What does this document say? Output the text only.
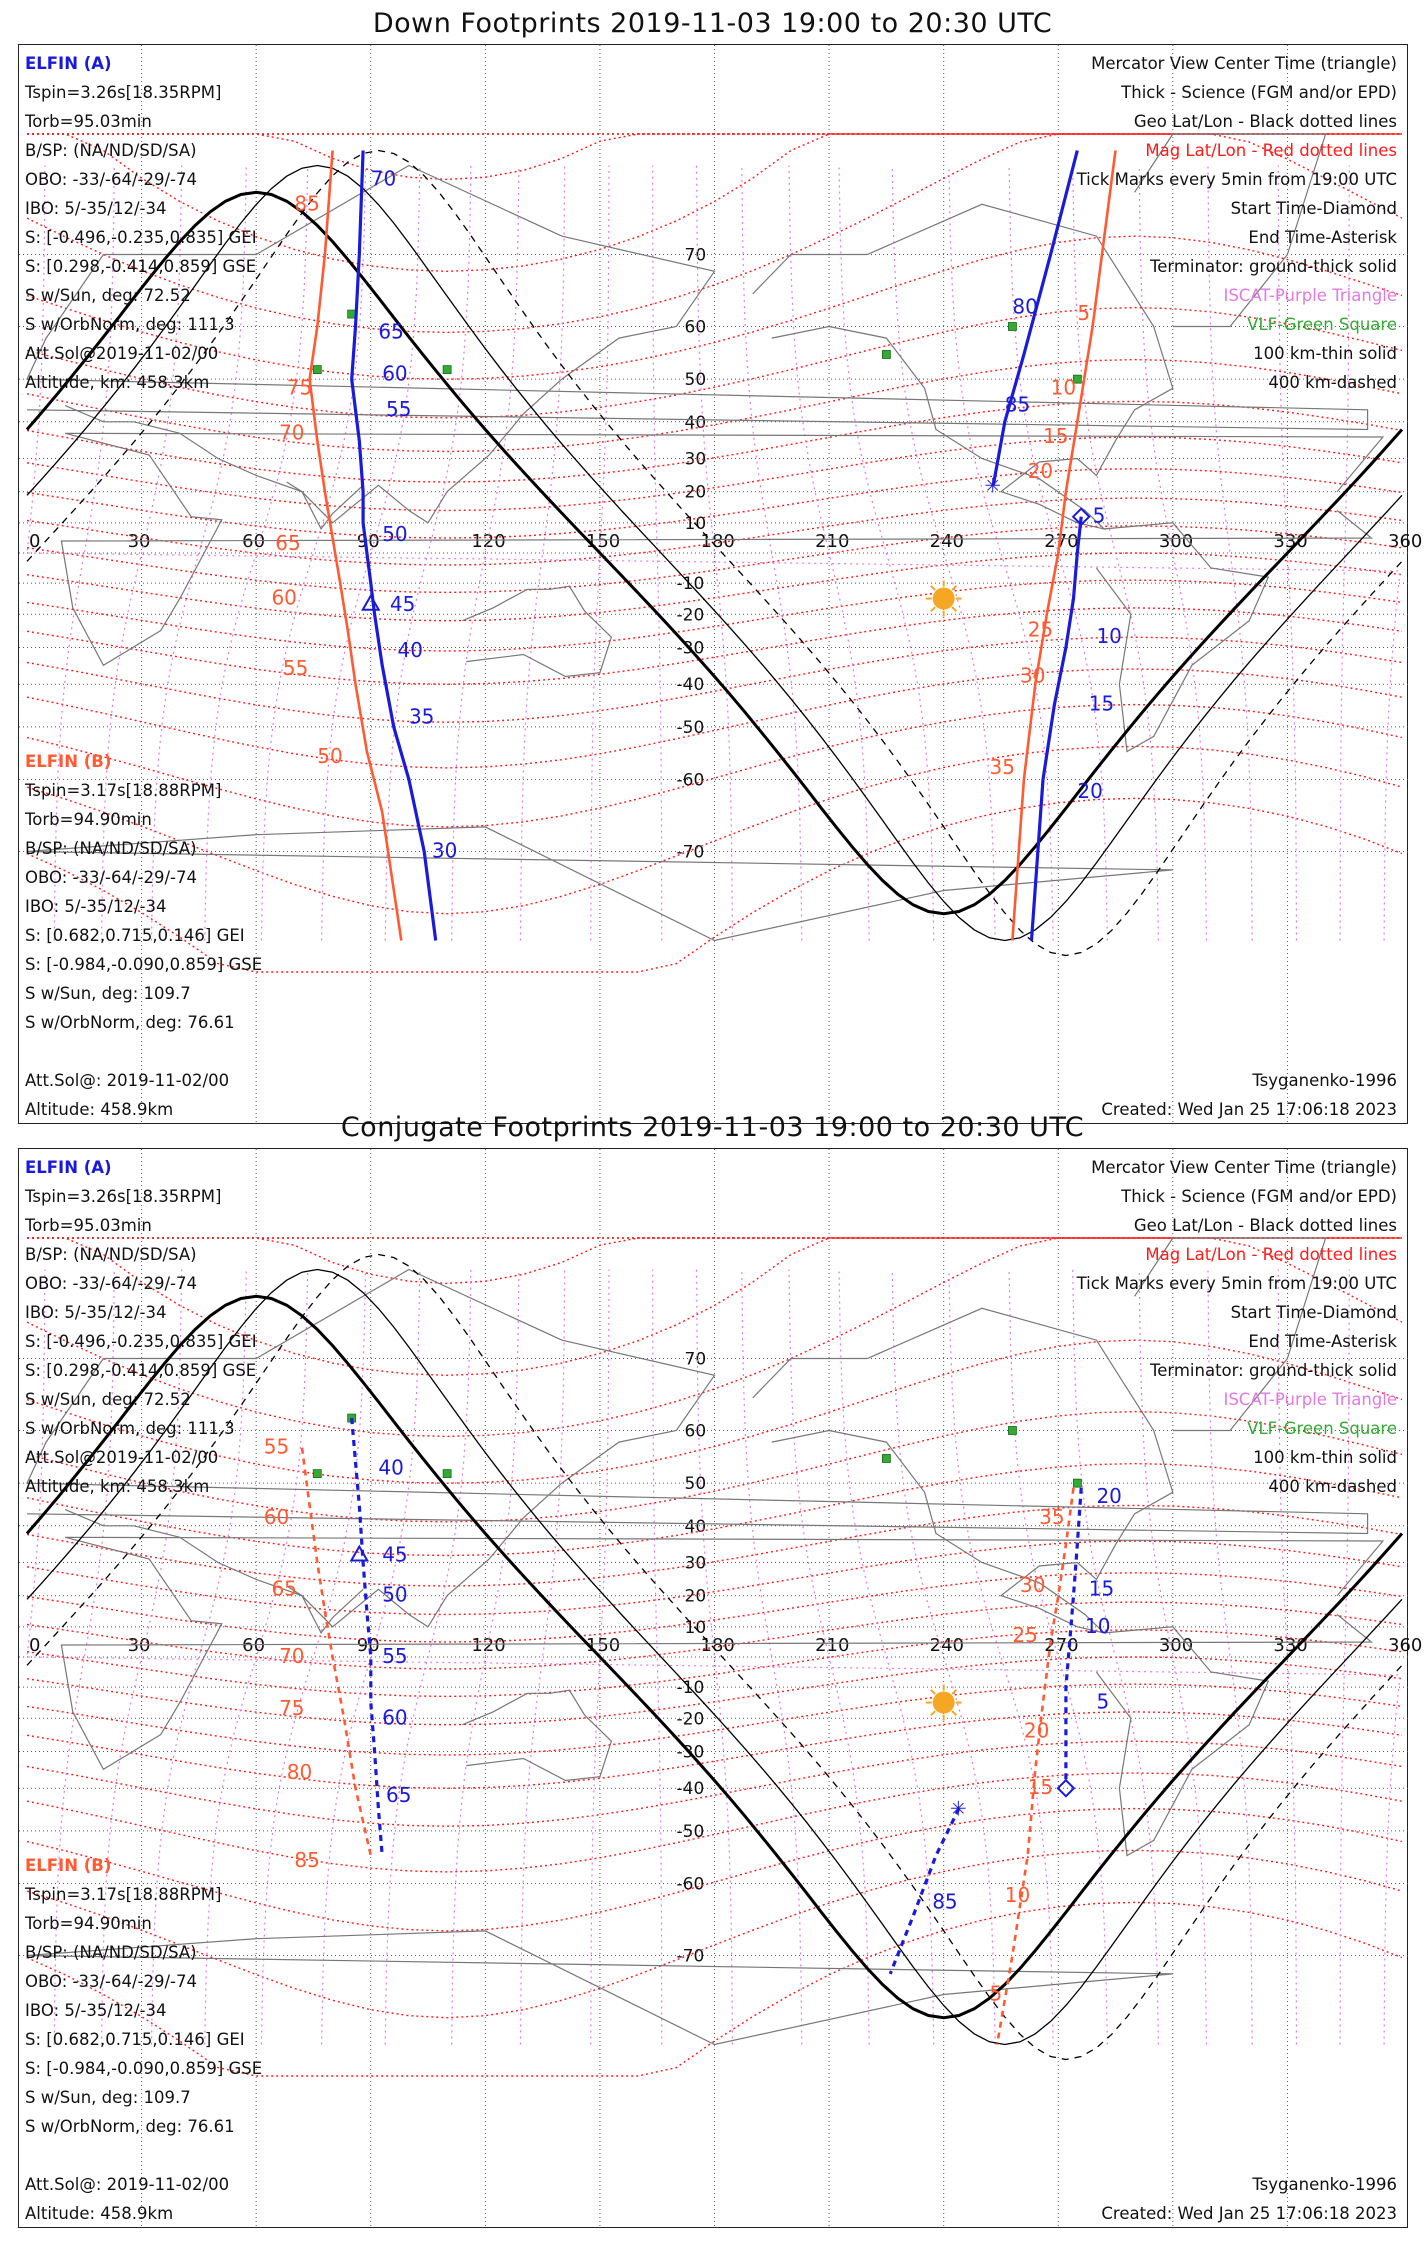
Down Footprints 2019-11-03 19:00 to 20:30 UTC
0	30	60	90	120	150	180	210	240	270	300	330	360
70
60
50
40
30
20
10
-10
-20
-30
-40
-50
-60
-70
✳
70
65
60
55
50
45
40
35
30
80
85
5
10
15
20
85
75
70
65
60
55
50
5
10
15
20
25
30
35
ELFIN (A)
Tspin=3.26s[18.35RPM]
Torb=95.03min
B/SP: (NA/ND/SD/SA)
OBO: -33/-64/-29/-74
IBO: 5/-35/12/-34
S: [-0.496,-0.235,0.835] GEI
S: [0.298,-0.414,0.859] GSE
S w/Sun, deg: 72.52
S w/OrbNorm, deg: 111.3
Att.Sol@2019-11-02/00
Altitude, km: 458.3km
ELFIN (B)
Tspin=3.17s[18.88RPM]
Torb=94.90min
B/SP: (NA/ND/SD/SA)
OBO: -33/-64/-29/-74
IBO: 5/-35/12/-34
S: [0.682,0.715,0.146] GEI
S: [-0.984,-0.090,0.859] GSE
S w/Sun, deg: 109.7
S w/OrbNorm, deg: 76.61
Att.Sol@: 2019-11-02/00
Altitude: 458.9km
Mercator View Center Time (triangle)
Thick - Science (FGM and/or EPD)
Geo Lat/Lon - Black dotted lines
Mag Lat/Lon - Red dotted lines
Tick Marks every 5min from 19:00 UTC
Start Time-Diamond
End Time-Asterisk
Terminator: ground-thick solid
ISCAT-Purple Triangle
VLF-Green Square
100 km-thin solid
400 km-dashed
Tsyganenko-1996
Created: Wed Jan 25 17:06:18 2023
Conjugate Footprints 2019-11-03 19:00 to 20:30 UTC
0	30	60	90	120	150	180	210	240	270	300	330	360
70
60
50
40
30
20
10
-10
-20
-30
-40
-50
-60
-70
✳
40
45
50
55
60
65
85
5
10
15
20
55
60
65
70
75
80
85
5
10
15
20
25
30
35
ELFIN (A)
Tspin=3.26s[18.35RPM]
Torb=95.03min
B/SP: (NA/ND/SD/SA)
OBO: -33/-64/-29/-74
IBO: 5/-35/12/-34
S: [-0.496,-0.235,0.835] GEI
S: [0.298,-0.414,0.859] GSE
S w/Sun, deg: 72.52
S w/OrbNorm, deg: 111.3
Att.Sol@2019-11-02/00
Altitude, km: 458.3km
ELFIN (B)
Tspin=3.17s[18.88RPM]
Torb=94.90min
B/SP: (NA/ND/SD/SA)
OBO: -33/-64/-29/-74
IBO: 5/-35/12/-34
S: [0.682,0.715,0.146] GEI
S: [-0.984,-0.090,0.859] GSE
S w/Sun, deg: 109.7
S w/OrbNorm, deg: 76.61
Att.Sol@: 2019-11-02/00
Altitude: 458.9km
Mercator View Center Time (triangle)
Thick - Science (FGM and/or EPD)
Geo Lat/Lon - Black dotted lines
Mag Lat/Lon - Red dotted lines
Tick Marks every 5min from 19:00 UTC
Start Time-Diamond
End Time-Asterisk
Terminator: ground-thick solid
ISCAT-Purple Triangle
VLF-Green Square
100 km-thin solid
400 km-dashed
Tsyganenko-1996
Created: Wed Jan 25 17:06:18 2023
